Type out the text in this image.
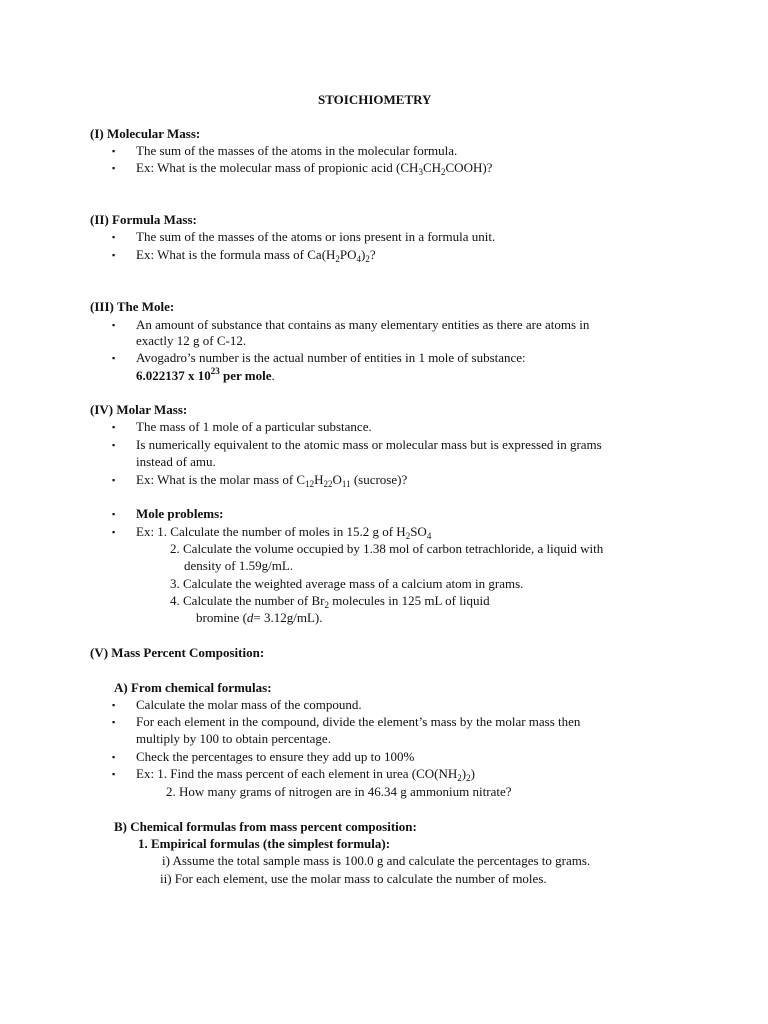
STOICHIOMETRY
(I) Molecular Mass:
▪
The sum of the masses of the atoms in the molecular formula.
▪
Ex: What is the molecular mass of propionic acid $(CH_3CH_2COOH)$?
(II) Formula Mass:
▪
The sum of the masses of the atoms or ions present in a formula unit.
▪
Ex: What is the formula mass of $Ca(H_2PO_4)_2$?
(III) The Mole:
▪
An amount of substance that contains as many elementary entities as there are atoms in
exactly 12 g of C-12.
▪
Avogadro’s number is the actual number of entities in 1 mole of substance:
6.022137 x $10^{23}$ per mole.
(IV) Molar Mass:
▪
The mass of 1 mole of a particular substance.
▪
Is numerically equivalent to the atomic mass or molecular mass but is expressed in grams
instead of amu.
▪
Ex: What is the molar mass of $C_{12}H_{22}O_{11}$ (sucrose)?
▪
Mole problems:
▪
Ex: 1. Calculate the number of moles in 15.2 g of $H_2SO_4$
2. Calculate the volume occupied by 1.38 mol of carbon tetrachloride, a liquid with
density of 1.59g/mL.
3. Calculate the weighted average mass of a calcium atom in grams.
4. Calculate the number of $Br_2$ molecules in 125 mL of liquid
bromine (d= 3.12g/mL).
(V) Mass Percent Composition:
A) From chemical formulas:
▪
Calculate the molar mass of the compound.
▪
For each element in the compound, divide the element’s mass by the molar mass then
multiply by 100 to obtain percentage.
▪
Check the percentages to ensure they add up to 100%
▪
Ex: 1. Find the mass percent of each element in urea $(CO(NH_2)_2)$
2. How many grams of nitrogen are in 46.34 g ammonium nitrate?
B) Chemical formulas from mass percent composition:
1. Empirical formulas (the simplest formula):
i) Assume the total sample mass is 100.0 g and calculate the percentages to grams.
ii) For each element, use the molar mass to calculate the number of moles.
